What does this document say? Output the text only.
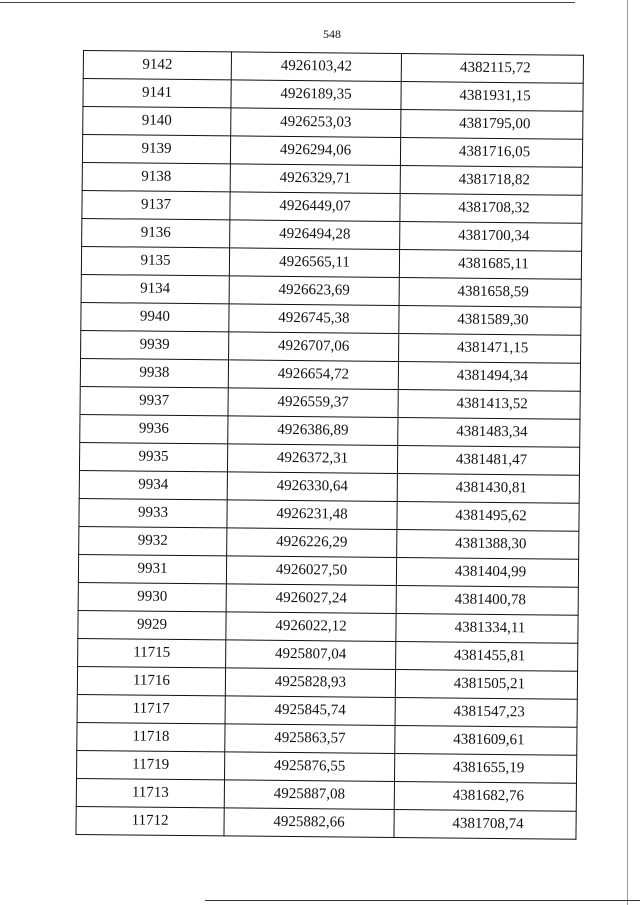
548
9142	4926103,42	4382115,72
9141	4926189,35	4381931,15
9140	4926253,03	4381795,00
9139	4926294,06	4381716,05
9138	4926329,71	4381718,82
9137	4926449,07	4381708,32
9136	4926494,28	4381700,34
9135	4926565,11	4381685,11
9134	4926623,69	4381658,59
9940	4926745,38	4381589,30
9939	4926707,06	4381471,15
9938	4926654,72	4381494,34
9937	4926559,37	4381413,52
9936	4926386,89	4381483,34
9935	4926372,31	4381481,47
9934	4926330,64	4381430,81
9933	4926231,48	4381495,62
9932	4926226,29	4381388,30
9931	4926027,50	4381404,99
9930	4926027,24	4381400,78
9929	4926022,12	4381334,11
11715	4925807,04	4381455,81
11716	4925828,93	4381505,21
11717	4925845,74	4381547,23
11718	4925863,57	4381609,61
11719	4925876,55	4381655,19
11713	4925887,08	4381682,76
11712	4925882,66	4381708,74
